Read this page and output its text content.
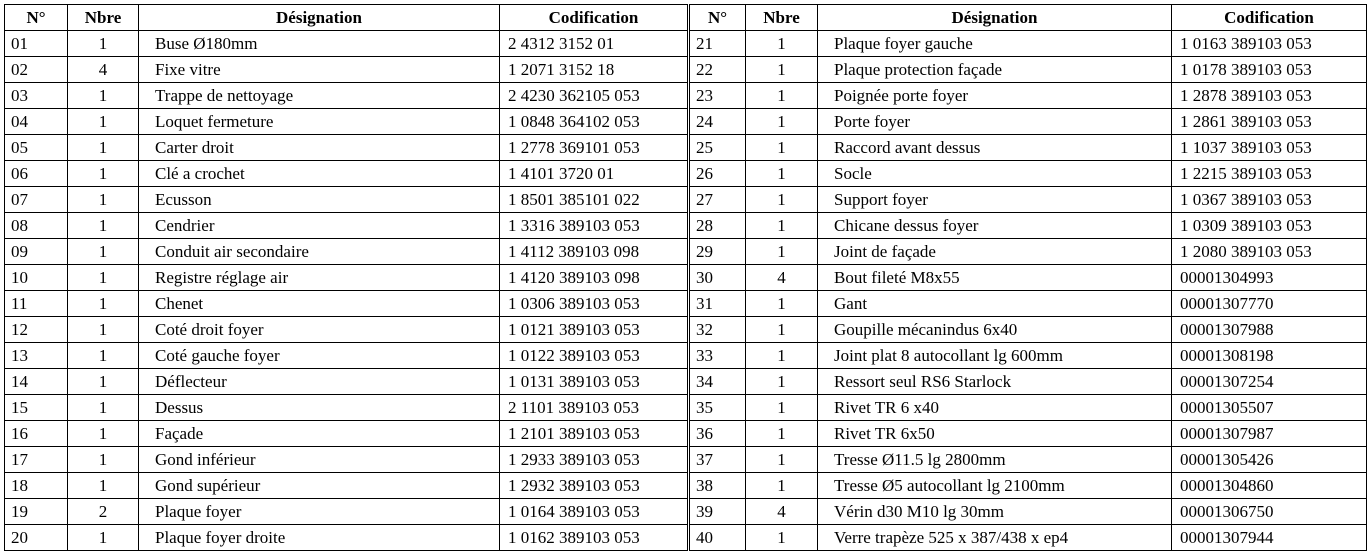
N°	Nbre	Désignation	Codification	N°	Nbre	Désignation	Codification
01	1	Buse Ø180mm	2 4312 3152 01	21	1	Plaque foyer gauche	1 0163 389103 053
02	4	Fixe vitre	1 2071 3152 18	22	1	Plaque protection façade	1 0178 389103 053
03	1	Trappe de nettoyage	2 4230 362105 053	23	1	Poignée porte foyer	1 2878 389103 053
04	1	Loquet fermeture	1 0848 364102 053	24	1	Porte foyer	1 2861 389103 053
05	1	Carter droit	1 2778 369101 053	25	1	Raccord avant dessus	1 1037 389103 053
06	1	Clé a crochet	1 4101 3720 01	26	1	Socle	1 2215 389103 053
07	1	Ecusson	1 8501 385101 022	27	1	Support foyer	1 0367 389103 053
08	1	Cendrier	1 3316 389103 053	28	1	Chicane dessus foyer	1 0309 389103 053
09	1	Conduit air secondaire	1 4112 389103 098	29	1	Joint de façade	1 2080 389103 053
10	1	Registre réglage air	1 4120 389103 098	30	4	Bout fileté M8x55	00001304993
11	1	Chenet	1 0306 389103 053	31	1	Gant	00001307770
12	1	Coté droit foyer	1 0121 389103 053	32	1	Goupille mécanindus 6x40	00001307988
13	1	Coté gauche foyer	1 0122 389103 053	33	1	Joint plat 8 autocollant lg 600mm	00001308198
14	1	Déflecteur	1 0131 389103 053	34	1	Ressort seul RS6 Starlock	00001307254
15	1	Dessus	2 1101 389103 053	35	1	Rivet TR 6 x40	00001305507
16	1	Façade	1 2101 389103 053	36	1	Rivet TR 6x50	00001307987
17	1	Gond inférieur	1 2933 389103 053	37	1	Tresse Ø11.5 lg 2800mm	00001305426
18	1	Gond supérieur	1 2932 389103 053	38	1	Tresse Ø5 autocollant lg 2100mm	00001304860
19	2	Plaque foyer	1 0164 389103 053	39	4	Vérin d30 M10 lg 30mm	00001306750
20	1	Plaque foyer droite	1 0162 389103 053	40	1	Verre trapèze 525 x 387/438 x ep4	00001307944
